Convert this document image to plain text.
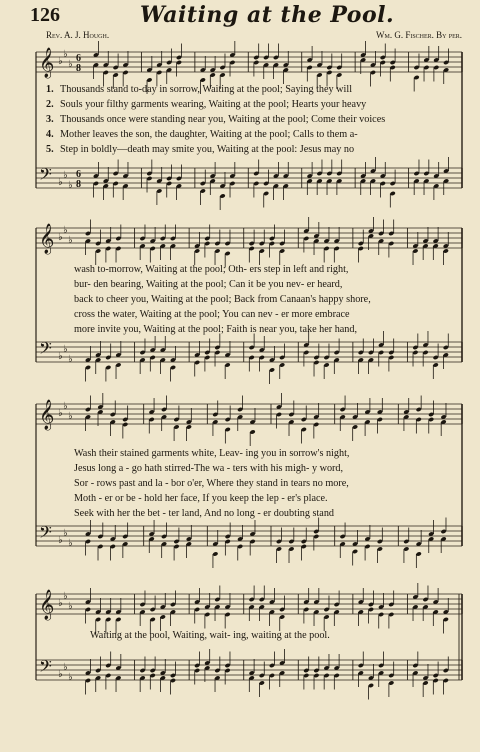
126	Waiting at the Pool.
Rev. A. J. Hough.	Wm. G. Fischer. By per.
𝄞 ♭
♭
♭
6
8
𝄢 ♭
♭
♭
6
8
𝄞 ♭
♭
♭
𝄢 ♭
♭
♭
𝄞 ♭
♭
♭
𝄢 ♭
♭
♭
𝄞 ♭
♭
♭
𝄢 ♭
♭
♭
1. Thousands stand to-day in sorrow, Waiting at the pool; Saying they will
2. Souls your filthy garments wearing, Waiting at the pool; Hearts your heavy
3. Thousands once were standing near you, Waiting at the pool; Come their voices
4. Mother leaves the son, the daughter, Waiting at the pool; Calls to them a-
5. Step in boldly—death may smite you, Waiting at the pool: Jesus may no
wash to-morrow, Waiting at the pool; Oth- ers step in left and right,
bur- den bearing, Waiting at the pool; Can it be you nev- er heard,
back to cheer you, Waiting at the pool; Back from Canaan's happy shore,
cross the water, Waiting at the pool; You can nev - er more embrace
more invite you, Waiting at the pool; Faith is near you, take her hand,
Wash their stained garments white, Leav- ing you in sorrow's night,
Jesus long a - go hath stirred-The wa - ters with his migh- y word,
Sor - rows past and la - bor o'er, Where they stand in tears no more,
Moth - er or be - hold her face, If you keep the lep - er's place.
Seek with her the bet - ter land, And no long - er doubting stand
Waiting at the pool, Waiting, wait- ing, waiting at the pool.
